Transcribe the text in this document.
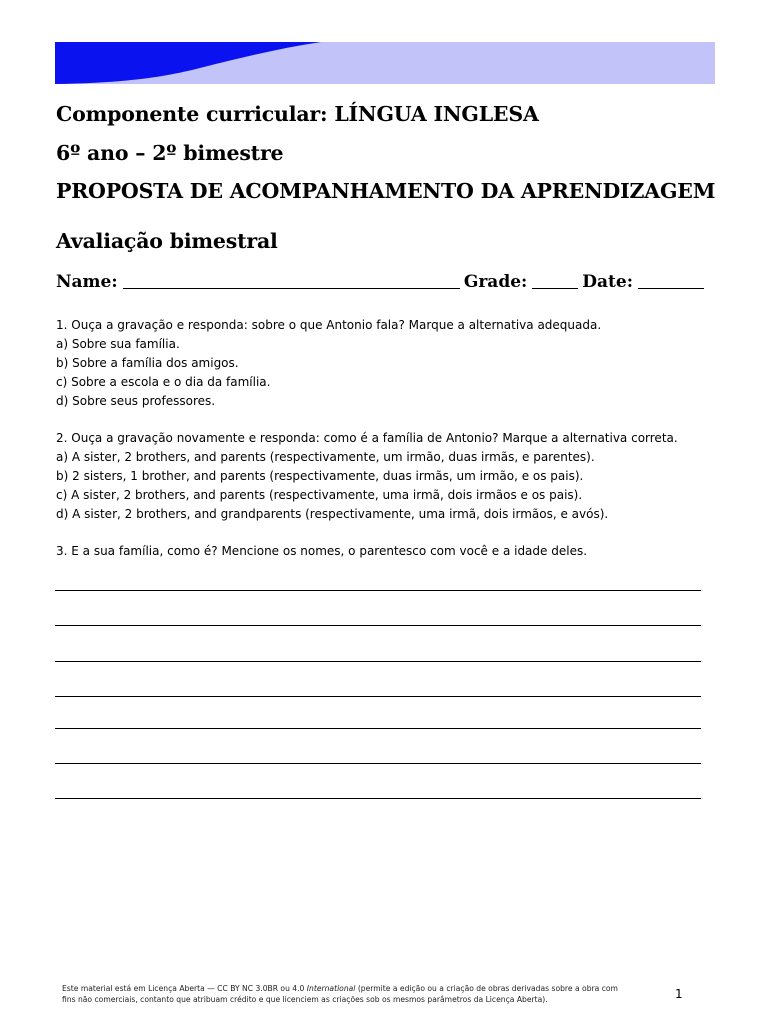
Componente curricular: LÍNGUA INGLESA
6º ano – 2º bimestre
PROPOSTA DE ACOMPANHAMENTO DA APRENDIZAGEM
Avaliação bimestral
Name:	Grade:	Date:

1. Ouça a gravação e responda: sobre o que Antonio fala? Marque a alternativa adequada.

a) Sobre sua família.

b) Sobre a família dos amigos.

c) Sobre a escola e o dia da família.

d) Sobre seus professores.

2. Ouça a gravação novamente e responda: como é a família de Antonio? Marque a alternativa correta.

a) A sister, 2 brothers, and parents (respectivamente, um irmão, duas irmãs, e parentes).

b) 2 sisters, 1 brother, and parents (respectivamente, duas irmãs, um irmão, e os pais).

c) A sister, 2 brothers, and parents (respectivamente, uma irmã, dois irmãos e os pais).

d) A sister, 2 brothers, and grandparents (respectivamente, uma irmã, dois irmãos, e avós).

3. E a sua família, como é? Mencione os nomes, o parentesco com você e a idade deles.

Este material está em Licença Aberta — CC BY NC 3.0BR ou 4.0 International (permite a edição ou a criação de obras derivadas sobre a obra com
fins não comerciais, contanto que atribuam crédito e que licenciem as criações sob os mesmos parâmetros da Licença Aberta).	1
